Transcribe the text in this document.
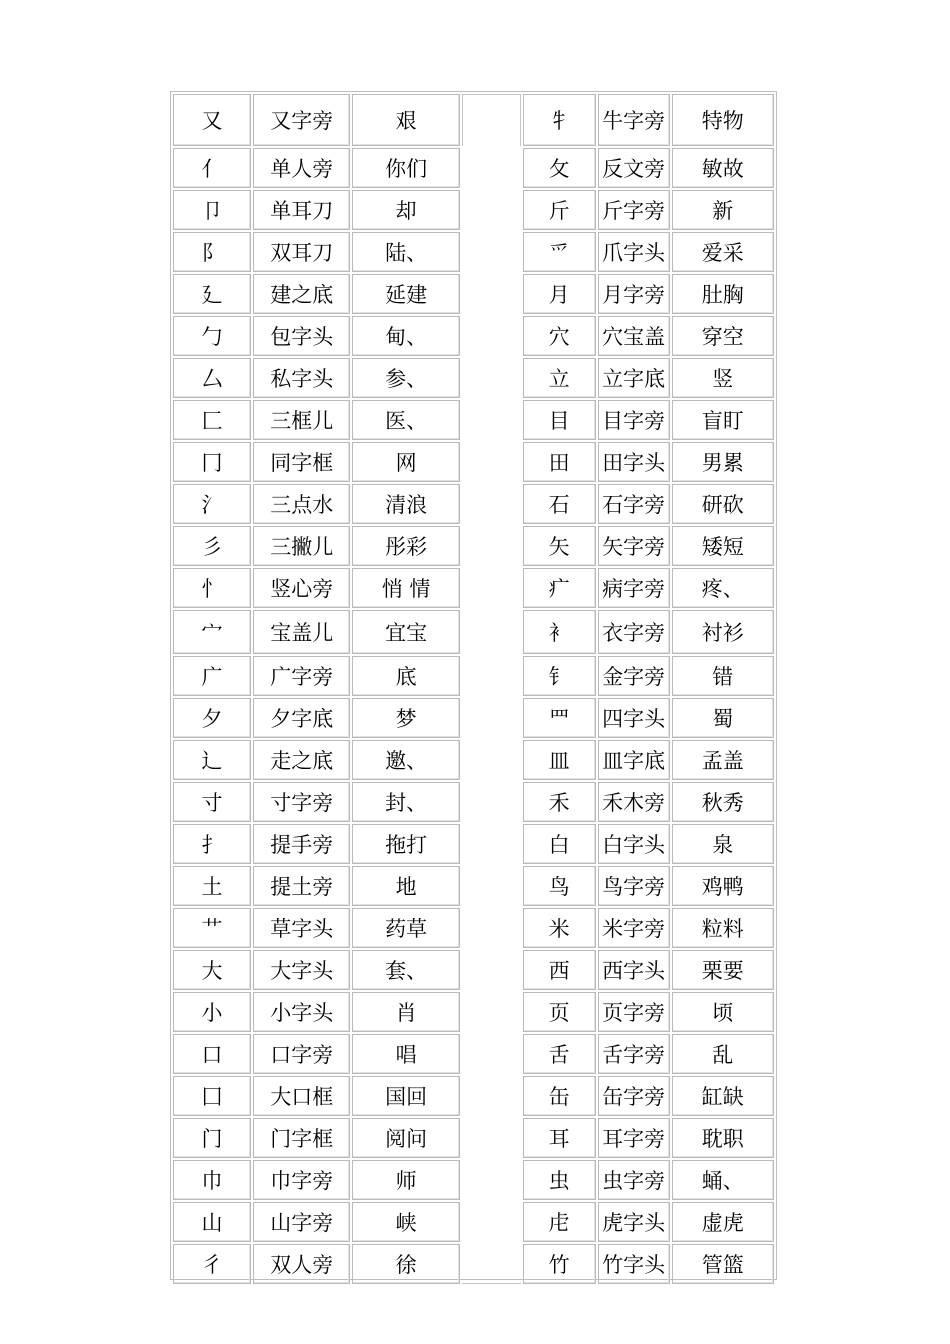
又	又字旁	艰		牜	牛字旁	特物
亻	单人旁	你们		攵	反文旁	敏故
卩	单耳刀	却		斤	斤字旁	新
阝	双耳刀	陆、		爫	爪字头	爱采
廴	建之底	延建		月	月字旁	肚胸
勹	包字头	甸、		穴	穴宝盖	穿空
厶	私字头	参、		立	立字底	竖
匚	三框儿	医、		目	目字旁	盲盯
冂	同字框	网		田	田字头	男累
氵	三点水	清浪		石	石字旁	研砍
彡	三撇儿	彤彩		矢	矢字旁	矮短
忄	竖心旁	悄 情		疒	病字旁	疼、
宀	宝盖儿	宜宝		衤	衣字旁	衬衫
广	广字旁	底		钅	金字旁	错
夕	夕字底	梦		罒	四字头	蜀
辶	走之底	邀、		皿	皿字底	孟盖
寸	寸字旁	封、		禾	禾木旁	秋秀
扌	提手旁	拖打		白	白字头	泉
土	提土旁	地		鸟	鸟字旁	鸡鸭
艹	草字头	药草		米	米字旁	粒料
大	大字头	套、		西	西字头	栗要
小	小字头	肖		页	页字旁	顷
口	口字旁	唱		舌	舌字旁	乱
囗	大口框	国回		缶	缶字旁	缸缺
门	门字框	阅问		耳	耳字旁	耽职
巾	巾字旁	师		虫	虫字旁	蛹、
山	山字旁	峡		虍	虎字头	虚虎
彳	双人旁	徐		竹	竹字头	管篮
